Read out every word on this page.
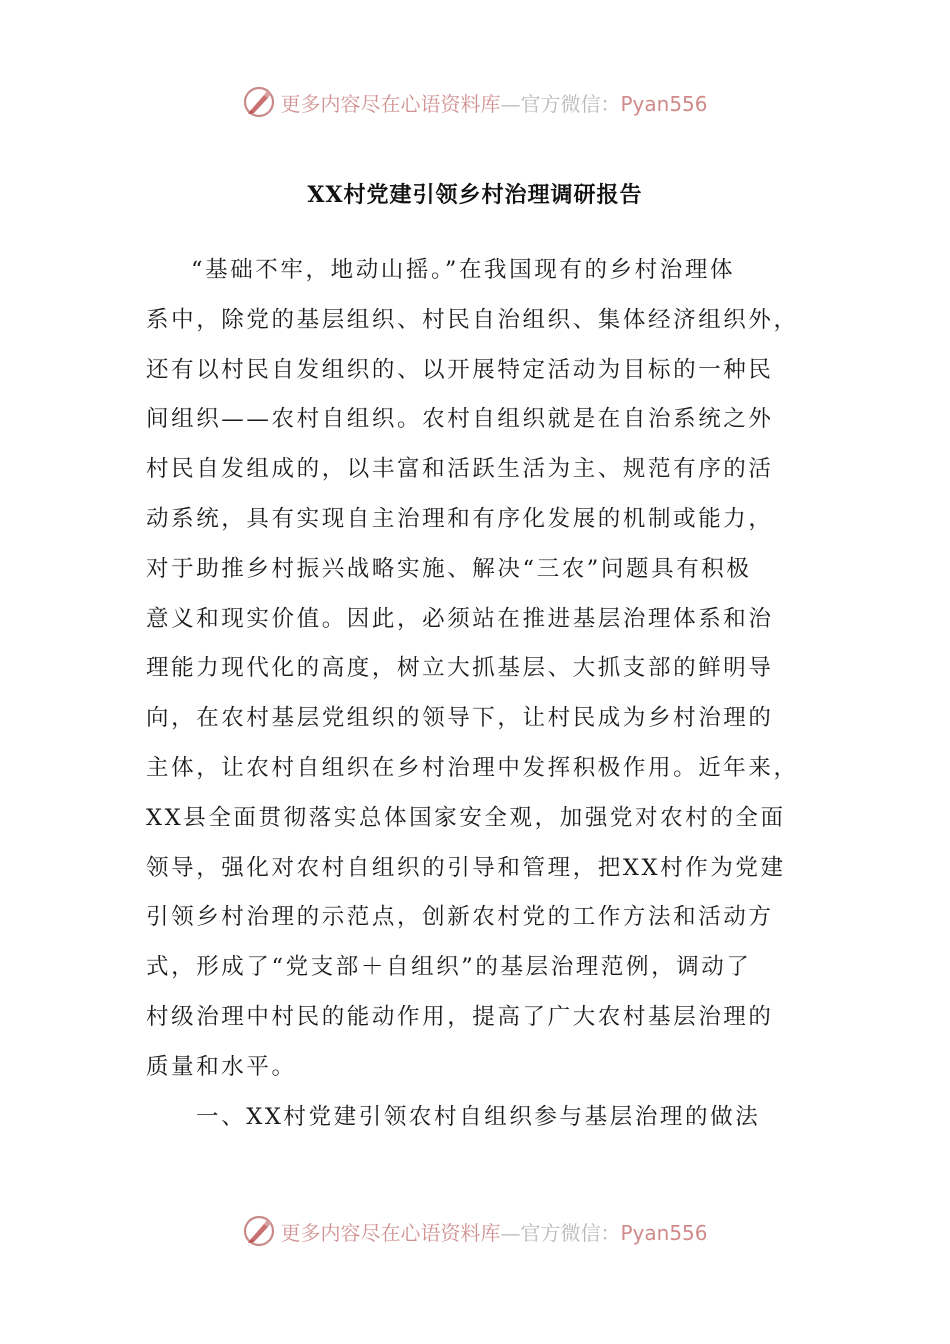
更多内容尽在心语资料库—官方微信：Pyan556
XX村党建引领乡村治理调研报告

“基础不牢，地动山摇。”在我国现有的乡村治理体

系中，除党的基层组织、村民自治组织、集体经济组织外，
还有以村民自发组织的、以开展特定活动为目标的一种民
间组织——农村自组织。农村自组织就是在自治系统之外
村民自发组成的，以丰富和活跃生活为主、规范有序的活
动系统，具有实现自主治理和有序化发展的机制或能力，
对于助推乡村振兴战略实施、解决“三农”问题具有积极
意义和现实价值。因此，必须站在推进基层治理体系和治
理能力现代化的高度，树立大抓基层、大抓支部的鲜明导
向，在农村基层党组织的领导下，让村民成为乡村治理的
主体，让农村自组织在乡村治理中发挥积极作用。近年来，
XX县全面贯彻落实总体国家安全观，加强党对农村的全面
领导，强化对农村自组织的引导和管理，把XX村作为党建
引领乡村治理的示范点，创新农村党的工作方法和活动方
式，形成了“党支部＋自组织”的基层治理范例，调动了
村级治理中村民的能动作用，提高了广大农村基层治理的
质量和水平。

一、XX村党建引领农村自组织参与基层治理的做法

更多内容尽在心语资料库—官方微信：Pyan556
